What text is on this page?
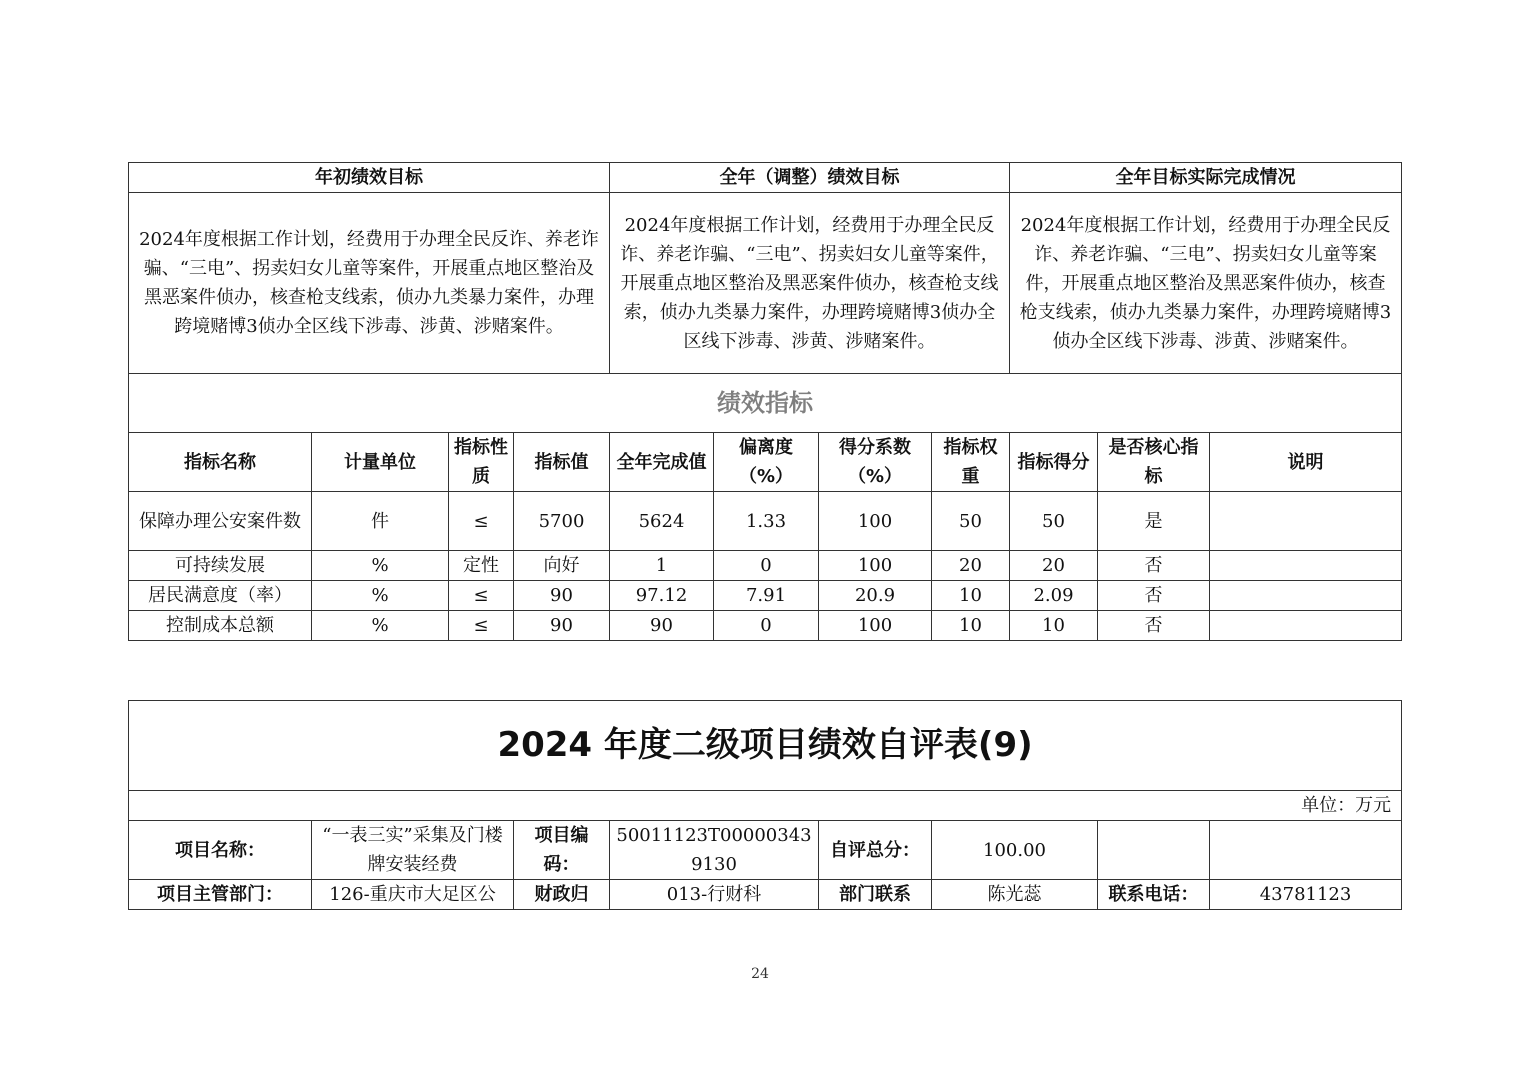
年初绩效目标				全年（调整）绩效目标				全年目标实际完成情况		
2024年度根据工作计划，经费用于办理全民反诈、养老诈骗、“三电”、拐卖妇女儿童等案件，开展重点地区整治及黑恶案件侦办，核查枪支线索，侦办九类暴力案件，办理跨境赌博3侦办全区线下涉毒、涉黄、涉赌案件。				2024年度根据工作计划，经费用于办理全民反诈、养老诈骗、“三电”、拐卖妇女儿童等案件，开展重点地区整治及黑恶案件侦办，核查枪支线索，侦办九类暴力案件，办理跨境赌博3侦办全区线下涉毒、涉黄、涉赌案件。				2024年度根据工作计划，经费用于办理全民反诈、养老诈骗、“三电”、拐卖妇女儿童等案件，开展重点地区整治及黑恶案件侦办，核查枪支线索，侦办九类暴力案件，办理跨境赌博3侦办全区线下涉毒、涉黄、涉赌案件。		
绩效指标										
指标名称	计量单位	指标性质	指标值	全年完成值	偏离度（%）	得分系数（%）	指标权重	指标得分	是否核心指标	说明
保障办理公安案件数	件	≤	5700	5624	1.33	100	50	50	是	
可持续发展	%	定性	向好	1	0	100	20	20	否	
居民满意度（率）	%	≤	90	97.12	7.91	20.9	10	2.09	否	
控制成本总额	%	≤	90	90	0	100	10	10	否	
2024 年度二级项目绩效自评表(9)							
单位：万元							
项目名称：	“一表三实”采集及门楼牌安装经费	项目编码：	50011123T000003439130	自评总分：	100.00		
项目主管部门：	126-重庆市大足区公	财政归	013-行财科	部门联系	陈光蕊	联系电话：	43781123
24
